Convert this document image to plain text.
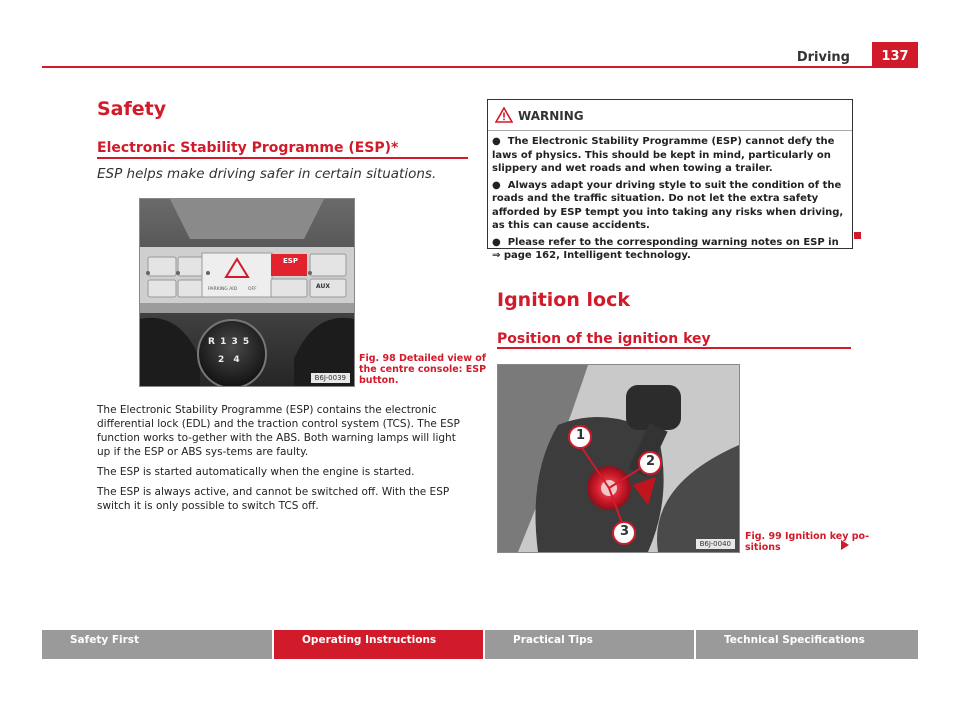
Driving	137
Safety
Electronic Stability Programme (ESP)*
ESP helps make driving safer in certain situations.
ESP
AUX
PARKING AID OFF
R 1 3 5
2 4
B6J-0039
Fig. 98 Detailed view of
the centre console: ESP
button.

The Electronic Stability Programme (ESP) contains the electronic differential lock (EDL) and the traction control system (TCS). The ESP function works to-gether with the ABS. Both warning lamps will light up if the ESP or ABS sys-tems are faulty.

The ESP is started automatically when the engine is started.

The ESP is always active, and cannot be switched off. With the ESP switch it is only possible to switch TCS off.

WARNING
● The Electronic Stability Programme (ESP) cannot defy the laws of physics. This should be kept in mind, particularly on slippery and wet roads and when towing a trailer.
● Always adapt your driving style to suit the condition of the roads and the traffic situation. Do not let the extra safety afforded by ESP tempt you into taking any risks when driving, as this can cause accidents.
● Please refer to the corresponding warning notes on ESP in
⇒ page 162, Intelligent technology.
Ignition lock
Position of the ignition key
1
2
3
B6J-0040
Fig. 99 Ignition key po-
sitions
Safety First	Operating Instructions	Practical Tips	Technical Specifications
